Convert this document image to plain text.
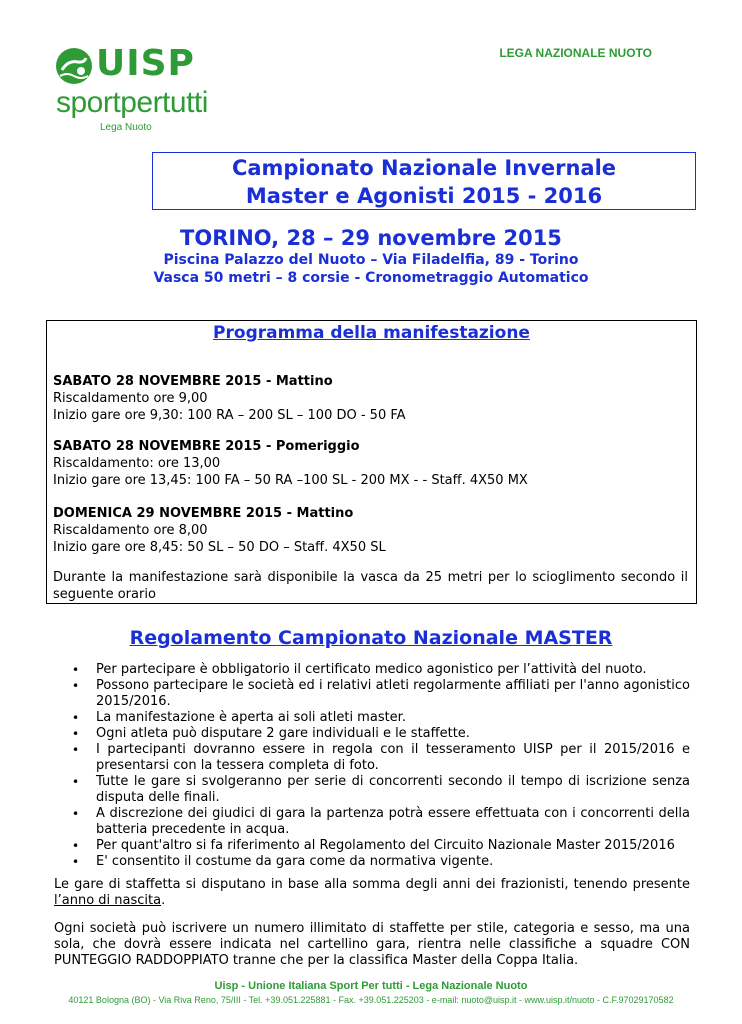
UISP
sportpertutti
Lega Nuoto
LEGA NAZIONALE NUOTO
Campionato Nazionale Invernale
Master e Agonisti 2015 - 2016
TORINO, 28 – 29 novembre 2015
Piscina Palazzo del Nuoto – Via Filadelfia, 89 - Torino
Vasca 50 metri – 8 corsie - Cronometraggio Automatico
Programma della manifestazione
SABATO 28 NOVEMBRE 2015 - Mattino
Riscaldamento ore 9,00
Inizio gare ore 9,30: 100 RA – 200 SL – 100 DO - 50 FA
SABATO 28 NOVEMBRE 2015 - Pomeriggio
Riscaldamento: ore 13,00
Inizio gare ore 13,45: 100 FA – 50 RA –100 SL - 200 MX - - Staff. 4X50 MX
DOMENICA 29 NOVEMBRE 2015 - Mattino
Riscaldamento ore 8,00
Inizio gare ore 8,45: 50 SL – 50 DO – Staff. 4X50 SL
Durante la manifestazione sarà disponibile la vasca da 25 metri per lo scioglimento secondo il seguente orario
Regolamento Campionato Nazionale MASTER
• Per partecipare è obbligatorio il certificato medico agonistico per l’attività del nuoto.
• Possono partecipare le società ed i relativi atleti regolarmente affiliati per l'anno agonistico 2015/2016.
• La manifestazione è aperta ai soli atleti master.
• Ogni atleta può disputare 2 gare individuali e le staffette.
• I partecipanti dovranno essere in regola con il tesseramento UISP per il 2015/2016 e presentarsi con la tessera completa di foto.
• Tutte le gare si svolgeranno per serie di concorrenti secondo il tempo di iscrizione senza disputa delle finali.
• A discrezione dei giudici di gara la partenza potrà essere effettuata con i concorrenti della batteria precedente in acqua.
• Per quant'altro si fa riferimento al Regolamento del Circuito Nazionale Master 2015/2016
• E' consentito il costume da gara come da normativa vigente.
Le gare di staffetta si disputano in base alla somma degli anni dei frazionisti, tenendo presente l’anno di nascita.
Ogni società può iscrivere un numero illimitato di staffette per stile, categoria e sesso, ma una sola, che dovrà essere indicata nel cartellino gara, rientra nelle classifiche a squadre CON PUNTEGGIO RADDOPPIATO tranne che per la classifica Master della Coppa Italia.
Uisp - Unione Italiana Sport Per tutti - Lega Nazionale Nuoto
40121 Bologna (BO) - Via Riva Reno, 75/III - Tel. +39.051.225881 - Fax. +39.051.225203 - e-mail: nuoto@uisp.it - www.uisp.it/nuoto - C.F.97029170582
